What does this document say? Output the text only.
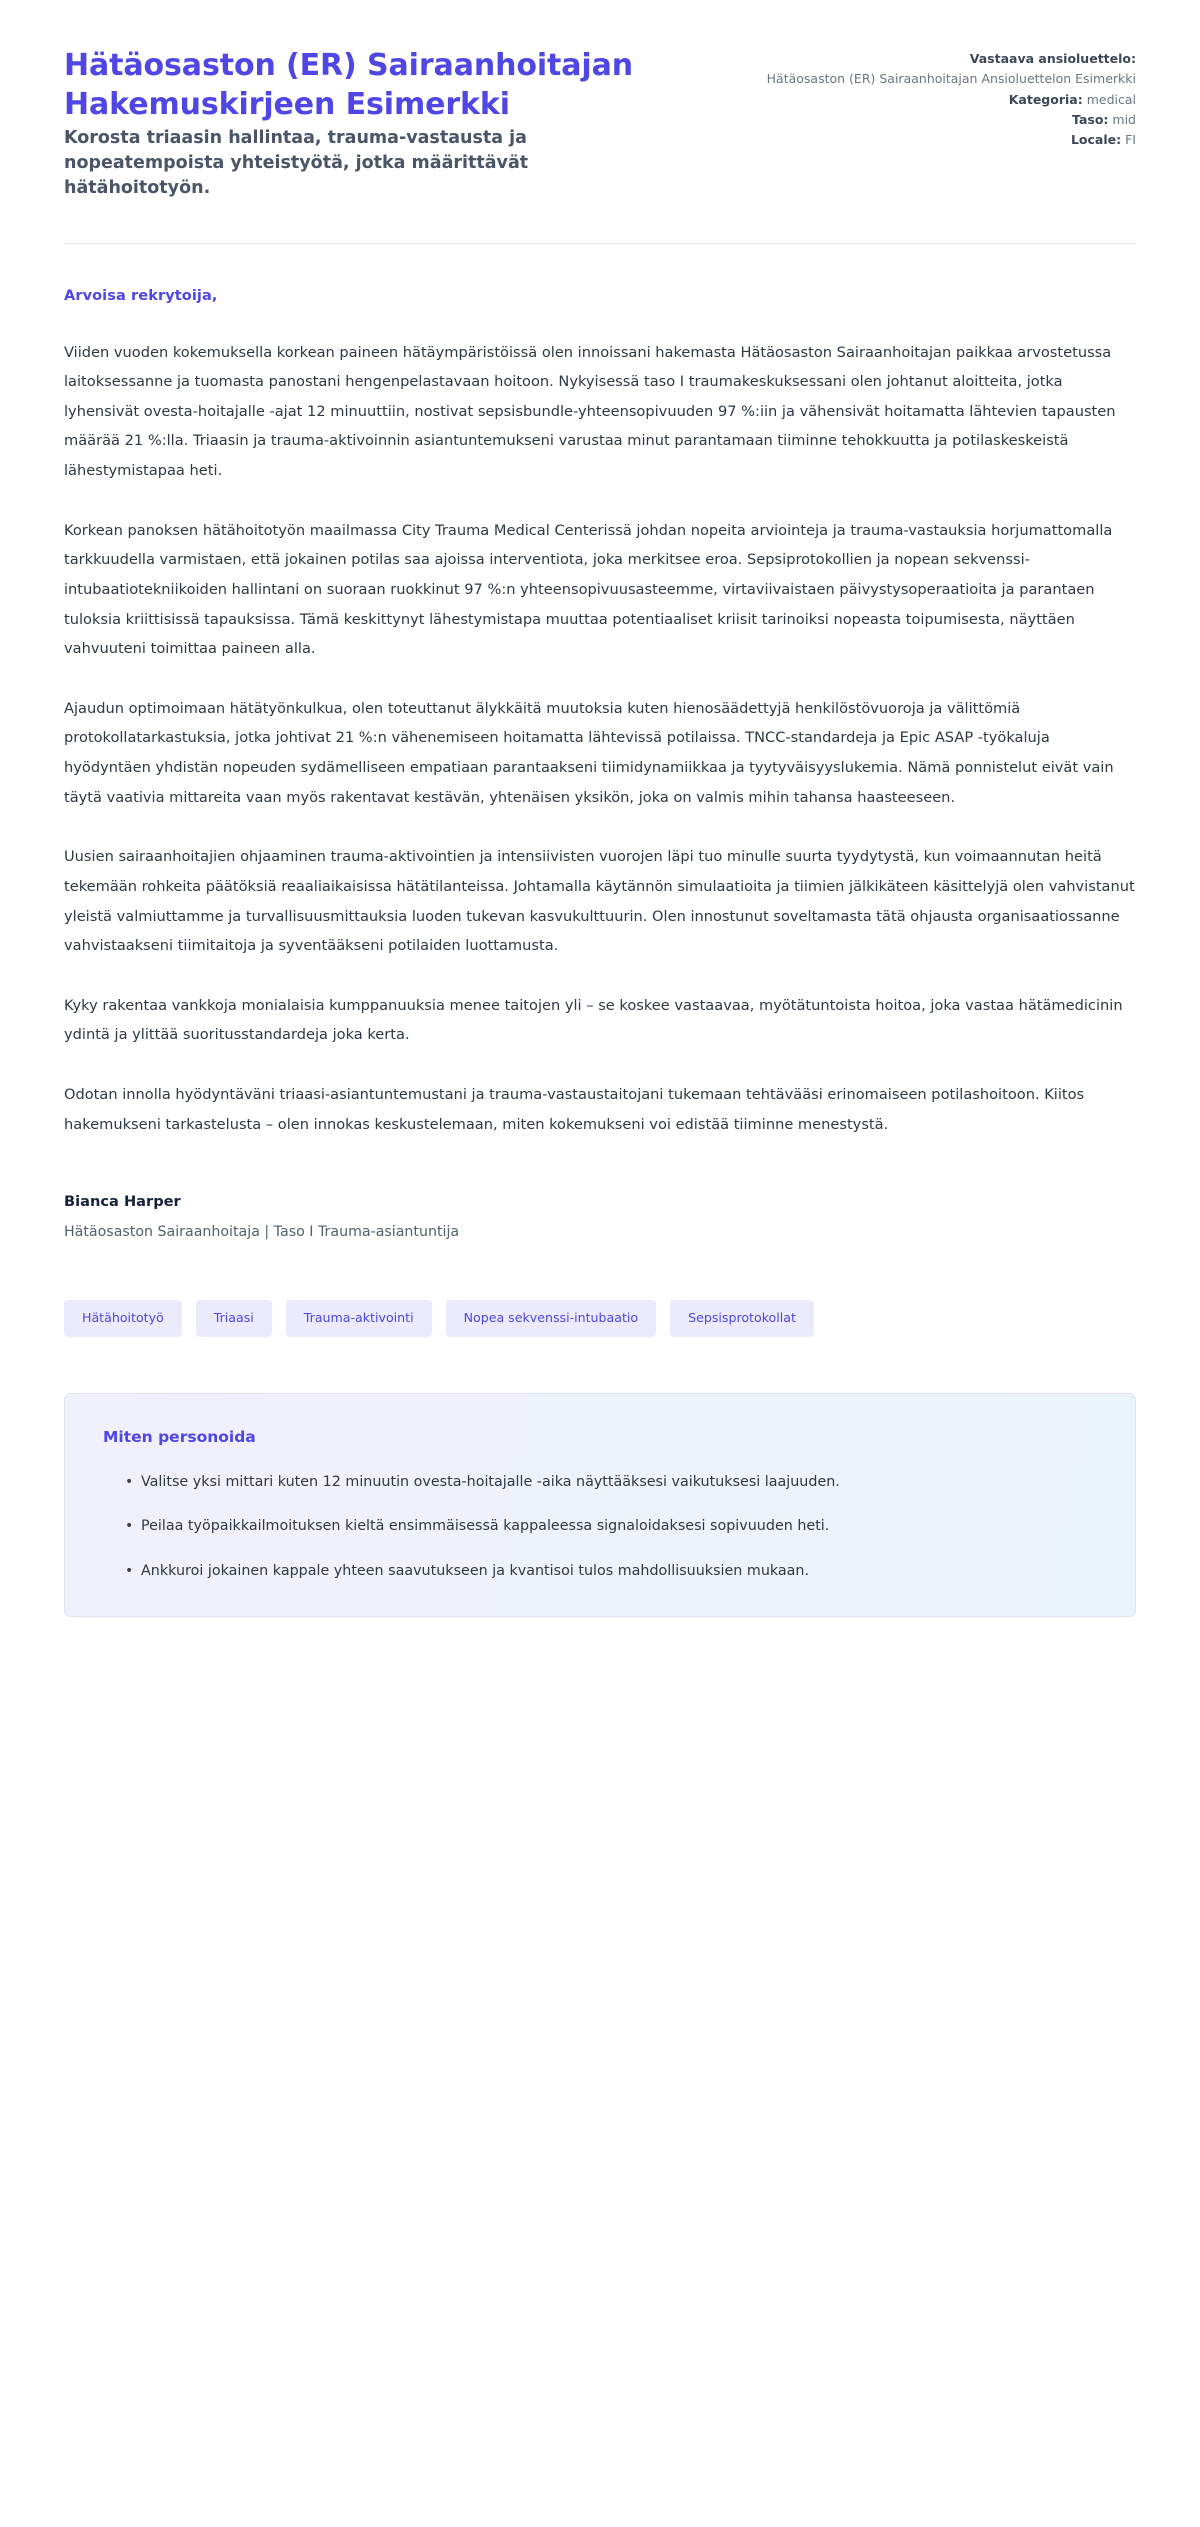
Hätäosaston (ER) Sairaanhoitajan Hakemuskirjeen Esimerkki

Korosta triaasin hallintaa, trauma-vastausta ja nopeatempoista yhteistyötä, jotka määrittävät hätähoitotyön.

Vastaava ansioluettelo:
Hätäosaston (ER) Sairaanhoitajan Ansioluettelon Esimerkki
Kategoria: medical
Taso: mid
Locale: FI

Arvoisa rekrytoija,

Viiden vuoden kokemuksella korkean paineen hätäympäristöissä olen innoissani hakemasta Hätäosaston Sairaanhoitajan paikkaa arvostetussa laitoksessanne ja tuomasta panostani hengenpelastavaan hoitoon. Nykyisessä taso I traumakeskuksessani olen johtanut aloitteita, jotka lyhensivät ovesta-hoitajalle -ajat 12 minuuttiin, nostivat sepsisbundle-yhteensopivuuden 97 %:iin ja vähensivät hoitamatta lähtevien tapausten määrää 21 %:lla. Triaasin ja trauma-aktivoinnin asiantuntemukseni varustaa minut parantamaan tiiminne tehokkuutta ja potilaskeskeistä lähestymistapaa heti.

Korkean panoksen hätähoitotyön maailmassa City Trauma Medical Centerissä johdan nopeita arviointeja ja trauma-vastauksia horjumattomalla tarkkuudella varmistaen, että jokainen potilas saa ajoissa interventiota, joka merkitsee eroa. Sepsiprotokollien ja nopean sekvenssi-intubaatiotekniikoiden hallintani on suoraan ruokkinut 97 %:n yhteensopivuusasteemme, virtaviivaistaen päivystysoperaatioita ja parantaen tuloksia kriittisissä tapauksissa. Tämä keskittynyt lähestymistapa muuttaa potentiaaliset kriisit tarinoiksi nopeasta toipumisesta, näyttäen vahvuuteni toimittaa paineen alla.

Ajaudun optimoimaan hätätyönkulkua, olen toteuttanut älykkäitä muutoksia kuten hienosäädettyjä henkilöstövuoroja ja välittömiä protokollatarkastuksia, jotka johtivat 21 %:n vähenemiseen hoitamatta lähtevissä potilaissa. TNCC-standardeja ja Epic ASAP -työkaluja hyödyntäen yhdistän nopeuden sydämelliseen empatiaan parantaakseni tiimidynamiikkaa ja tyytyväisyyslukemia. Nämä ponnistelut eivät vain täytä vaativia mittareita vaan myös rakentavat kestävän, yhtenäisen yksikön, joka on valmis mihin tahansa haasteeseen.

Uusien sairaanhoitajien ohjaaminen trauma-aktivointien ja intensiivisten vuorojen läpi tuo minulle suurta tyydytystä, kun voimaannutan heitä tekemään rohkeita päätöksiä reaaliaikaisissa hätätilanteissa. Johtamalla käytännön simulaatioita ja tiimien jälkikäteen käsittelyjä olen vahvistanut yleistä valmiuttamme ja turvallisuusmittauksia luoden tukevan kasvukulttuurin. Olen innostunut soveltamasta tätä ohjausta organisaatiossanne vahvistaakseni tiimitaitoja ja syventääkseni potilaiden luottamusta.

Kyky rakentaa vankkoja monialaisia kumppanuuksia menee taitojen yli – se koskee vastaavaa, myötätuntoista hoitoa, joka vastaa hätämedicinin ydintä ja ylittää suoritusstandardeja joka kerta.

Odotan innolla hyödyntäväni triaasi-asiantuntemustani ja trauma-vastaustaitojani tukemaan tehtävääsi erinomaiseen potilashoitoon. Kiitos hakemukseni tarkastelusta – olen innokas keskustelemaan, miten kokemukseni voi edistää tiiminne menestystä.

Bianca Harper

Hätäosaston Sairaanhoitaja | Taso I Trauma-asiantuntija

Hätähoitotyö	Triaasi	Trauma-aktivointi	Nopea sekvenssi-intubaatio	Sepsisprotokollat
Miten personoida
• Valitse yksi mittari kuten 12 minuutin ovesta-hoitajalle -aika näyttääksesi vaikutuksesi laajuuden.
• Peilaa työpaikkailmoituksen kieltä ensimmäisessä kappaleessa signaloidaksesi sopivuuden heti.
• Ankkuroi jokainen kappale yhteen saavutukseen ja kvantisoi tulos mahdollisuuksien mukaan.
